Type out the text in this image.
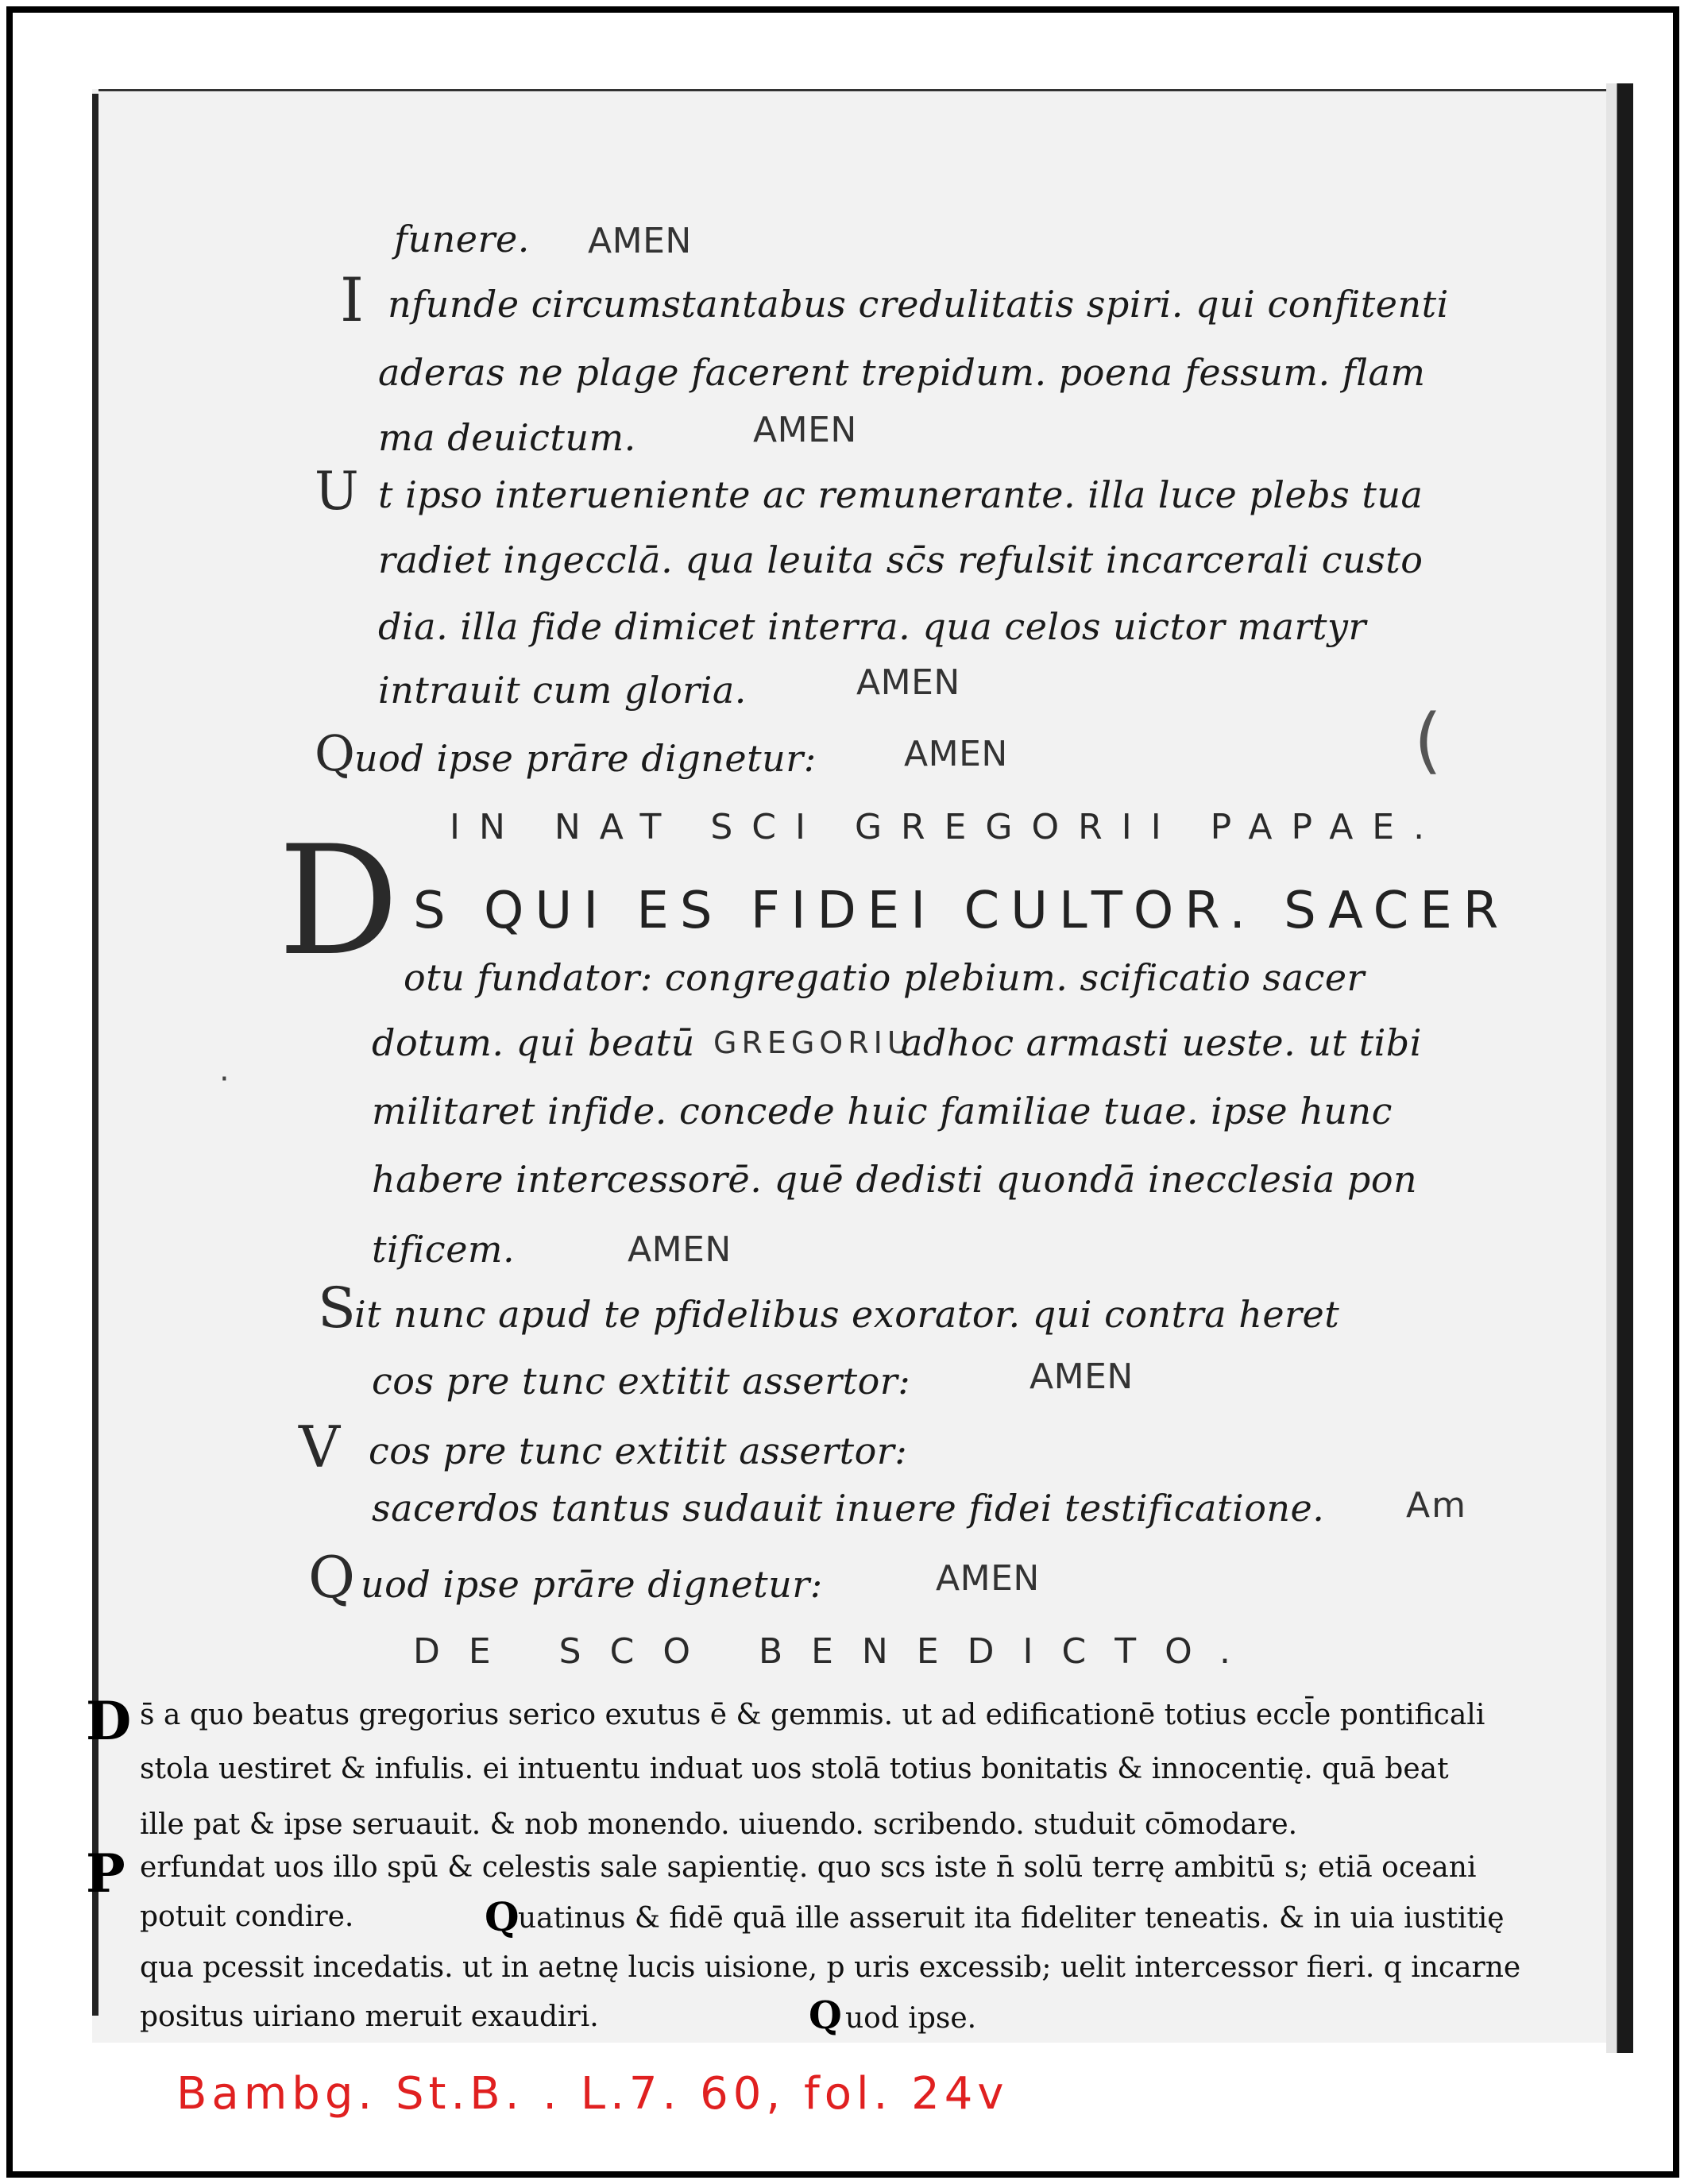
funere. AMEN
I nfunde circumstantabus credulitatis spiri. qui confitenti
aderas ne plage facerent trepidum. poena fessum. flam
ma deuictum.	AMEN
U t ipso interueniente ac remunerante. illa luce plebs tua
radiet ingecclā. qua leuita sc̄s refulsit incarcerali custo
dia. illa fide dimicet interra. qua celos uictor martyr
intrauit cum gloria.	AMEN
Q uod ipse prāre dignetur:	AMEN
IN NAT SCI GREGORII PAPAE.
D S QUI ES FIDEI CULTOR. SACER
otu fundator: congregatio plebium. scificatio sacer
dotum. qui beatū GREGORIU
adhoc armasti ueste. ut tibi
militaret infide. concede huic familiae tuae. ipse hunc
habere intercessorē. quē dedisti quondā inecclesia pon
tificem.	AMEN
S
it nunc apud te pfidelibus exorator. qui contra heret
cos pre tunc extitit assertor:	AMEN
V cos pre tunc extitit assertor:
sacerdos tantus sudauit inuere fidei testificatione. Am
Q uod ipse prāre dignetur:	AMEN
DE SCO BENEDICTO.
·
(
D s̄ a quo beatus gregorius serico exutus ē & gemmis. ut ad edificationē totius eccl̄e pontificali
stola uestiret & infulis. ei intuentu induat uos stolā totius bonitatis & innocentię. quā beat
ille pat & ipse seruauit. & nob monendo. uiuendo. scribendo. studuit cōmodare.
P erfundat uos illo spū & celestis sale sapientię. quo scs iste n̄ solū terrę ambitū s; etiā oceani
potuit condire.	Q
uatinus & fidē quā ille asseruit ita fideliter teneatis. & in uia iustitię
qua pcessit incedatis. ut in aetnę lucis uisione, p uris excessib; uelit intercessor fieri. q incarne
positus uiriano meruit exaudiri.	Q uod ipse.
Bambg. St.B. . L.7. 60, fol. 24v
